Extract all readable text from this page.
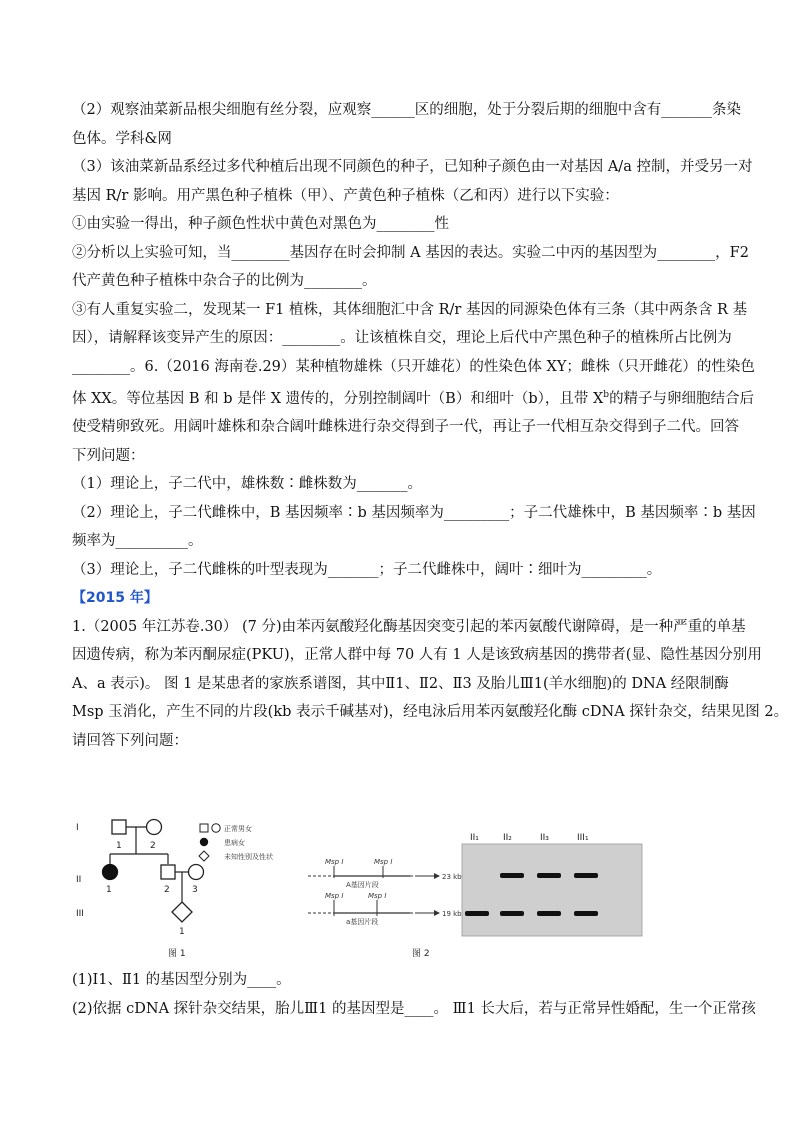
（2）观察油菜新品根尖细胞有丝分裂，应观察______区的细胞，处于分裂后期的细胞中含有_______条染

色体。学科&网

（3）该油菜新品系经过多代种植后出现不同颜色的种子，已知种子颜色由一对基因 A/a 控制，并受另一对

基因 R/r 影响。用产黑色种子植株（甲）、产黄色种子植株（乙和丙）进行以下实验：

①由实验一得出，种子颜色性状中黄色对黑色为________性

②分析以上实验可知，当________基因存在时会抑制 A 基因的表达。实验二中丙的基因型为________，F2

代产黄色种子植株中杂合子的比例为________。

③有人重复实验二，发现某一 F1 植株，其体细胞汇中含 R/r 基因的同源染色体有三条（其中两条含 R 基

因），请解释该变异产生的原因：________。让该植株自交，理论上后代中产黑色种子的植株所占比例为

________。6.（2016 海南卷.29）某种植物雄株（只开雄花）的性染色体 XY；雌株（只开雌花）的性染色

体 XX。等位基因 B 和 b 是伴 X 遗传的，分别控制阔叶（B）和细叶（b），且带 $X^b$的精子与卵细胞结合后

使受精卵致死。用阔叶雄株和杂合阔叶雌株进行杂交得到子一代，再让子一代相互杂交得到子二代。回答

下列问题：

（1）理论上，子二代中，雄株数∶雌株数为_______。

（2）理论上，子二代雌株中，B 基因频率∶b 基因频率为_________；子二代雄株中，B 基因频率∶b 基因

频率为__________。

（3）理论上，子二代雌株的叶型表现为_______；子二代雌株中，阔叶∶细叶为_________。

【2015 年】

1.（2005 年江苏卷.30） (7 分)由苯丙氨酸羟化酶基因突变引起的苯丙氨酸代谢障碍，是一种严重的单基

因遗传病，称为苯丙酮尿症(PKU)，正常人群中每 70 人有 1 人是该致病基因的携带者(显、隐性基因分别用

A、a 表示)。 图 1 是某患者的家族系谱图，其中Ⅱ1、Ⅱ2、Ⅱ3 及胎儿Ⅲ1(羊水细胞)的 DNA 经限制酶

Msp 玉消化，产生不同的片段(kb 表示千碱基对)，经电泳后用苯丙氨酸羟化酶 cDNA 探针杂交，结果见图 2。

请回答下列问题：

I
II
III
1	2
1	2 3
1
正常男女
患病女
未知性别及性状
图 1
Msp I	Msp I
A基因片段
23 kb
Msp I	Msp I
a基因片段
19 kb
II₁	II₂	II₃	III₁
图 2

(1)Ⅰ1、Ⅱ1 的基因型分别为____。

(2)依据 cDNA 探针杂交结果，胎儿Ⅲ1 的基因型是____。 Ⅲ1 长大后，若与正常异性婚配，生一个正常孩
